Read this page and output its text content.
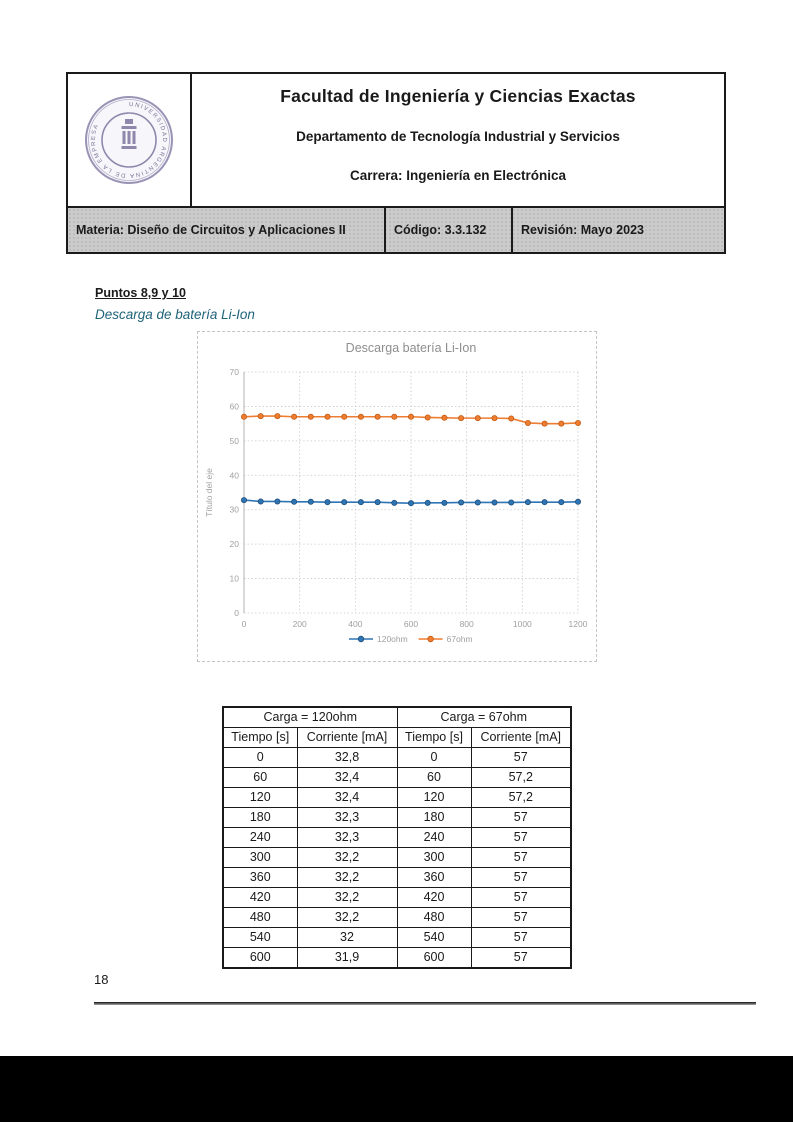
UNIVERSIDAD ARGENTINA DE LA EMPRESA
Facultad de Ingeniería y Ciencias Exactas
Departamento de Tecnología Industrial y Servicios
Carrera: Ingeniería en Electrónica
Materia: Diseño de Circuitos y Aplicaciones II	Código: 3.3.132	Revisión: Mayo 2023
Puntos 8,9 y 10
Descarga de batería Li-Ion
0
10
20
30
40
50
60
70
0	200	400	600	800	1000	1200
Descarga batería Li-Ion
Título del eje
120ohm	67ohm
Carga = 120ohm		Carga = 67ohm	
Tiempo [s]	Corriente [mA]	Tiempo [s]	Corriente [mA]
0	32,8	0	57
60	32,4	60	57,2
120	32,4	120	57,2
180	32,3	180	57
240	32,3	240	57
300	32,2	300	57
360	32,2	360	57
420	32,2	420	57
480	32,2	480	57
540	32	540	57
600	31,9	600	57
18
